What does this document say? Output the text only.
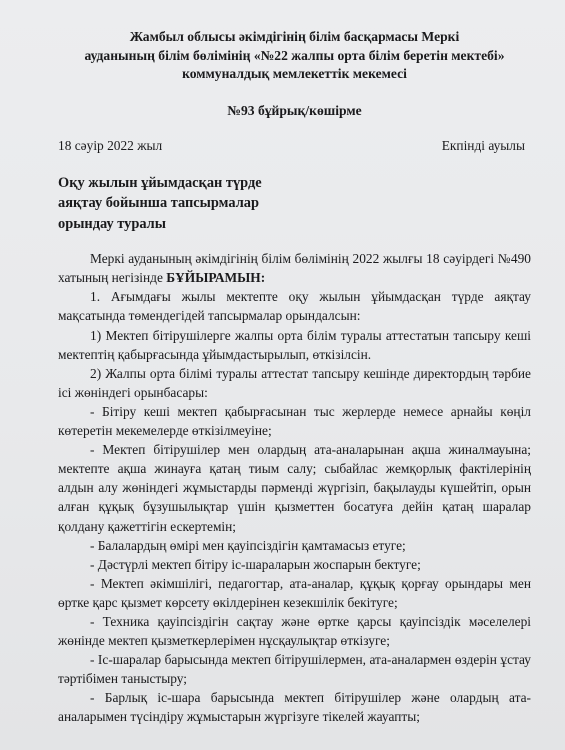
Жамбыл облысы әкімдігінің білім басқармасы Меркі
ауданының білім бөлімінің «№22 жалпы орта білім беретін мектебі»
коммуналдық мемлекеттік мекемесі
№93 бұйрық/көшірме
18 сәуір 2022 жыл	Екпінді ауылы
Оқу жылын ұйымдасқан түрде
аяқтау бойынша тапсырмалар
орындау туралы

Меркі ауданының әкімдігінің білім бөлімінің 2022 жылғы 18 сәуірдегі №490 хатының негізінде БҰЙЫРАМЫН:

1. Ағымдағы жылы мектепте оқу жылын ұйымдасқан түрде аяқтау мақсатында төмендегідей тапсырмалар орындалсын:

1) Мектеп бітірушілерге жалпы орта білім туралы аттестатын тапсыру кеші мектептің қабырғасында ұйымдастырылып, өткізілсін.

2) Жалпы орта білімі туралы аттестат тапсыру кешінде директордың тәрбие ісі жөніндегі орынбасары:

- Бітіру кеші мектеп қабырғасынан тыс жерлерде немесе арнайы көңіл көтеретін мекемелерде өткізілмеуіне;

- Мектеп бітірушілер мен олардың ата-аналарынан ақша жиналмауына; мектепте ақша жинауға қатаң тиым салу; сыбайлас жемқорлық фактілерінің алдын алу жөніндегі жұмыстарды пәрменді жүргізіп, бақылауды күшейтіп, орын алған құқық бұзушылықтар үшін қызметтен босатуға дейін қатаң шаралар қолдану қажеттігін ескертемін;

- Балалардың өмірі мен қауіпсіздігін қамтамасыз етуге;

- Дәстүрлі мектеп бітіру іс-шараларын жоспарын бектуге;

- Мектеп әкімшілігі, педагогтар, ата-аналар, құқық қорғау орындары мен өртке қарс қызмет көрсету өкілдерінен кезекшілік бекітуге;

- Техника қауіпсіздігін сақтау және өртке қарсы қауіпсіздік мәселелері жөнінде мектеп қызметкерлерімен нұсқаулықтар өткізуге;

- Іс-шаралар барысында мектеп бітірушілермен, ата-аналармен өздерін ұстау тәртібімен таныстыру;

- Барлық іс-шара барысында мектеп бітірушілер және олардың ата-аналарымен түсіндіру жұмыстарын жүргізуге тікелей жауапты;
